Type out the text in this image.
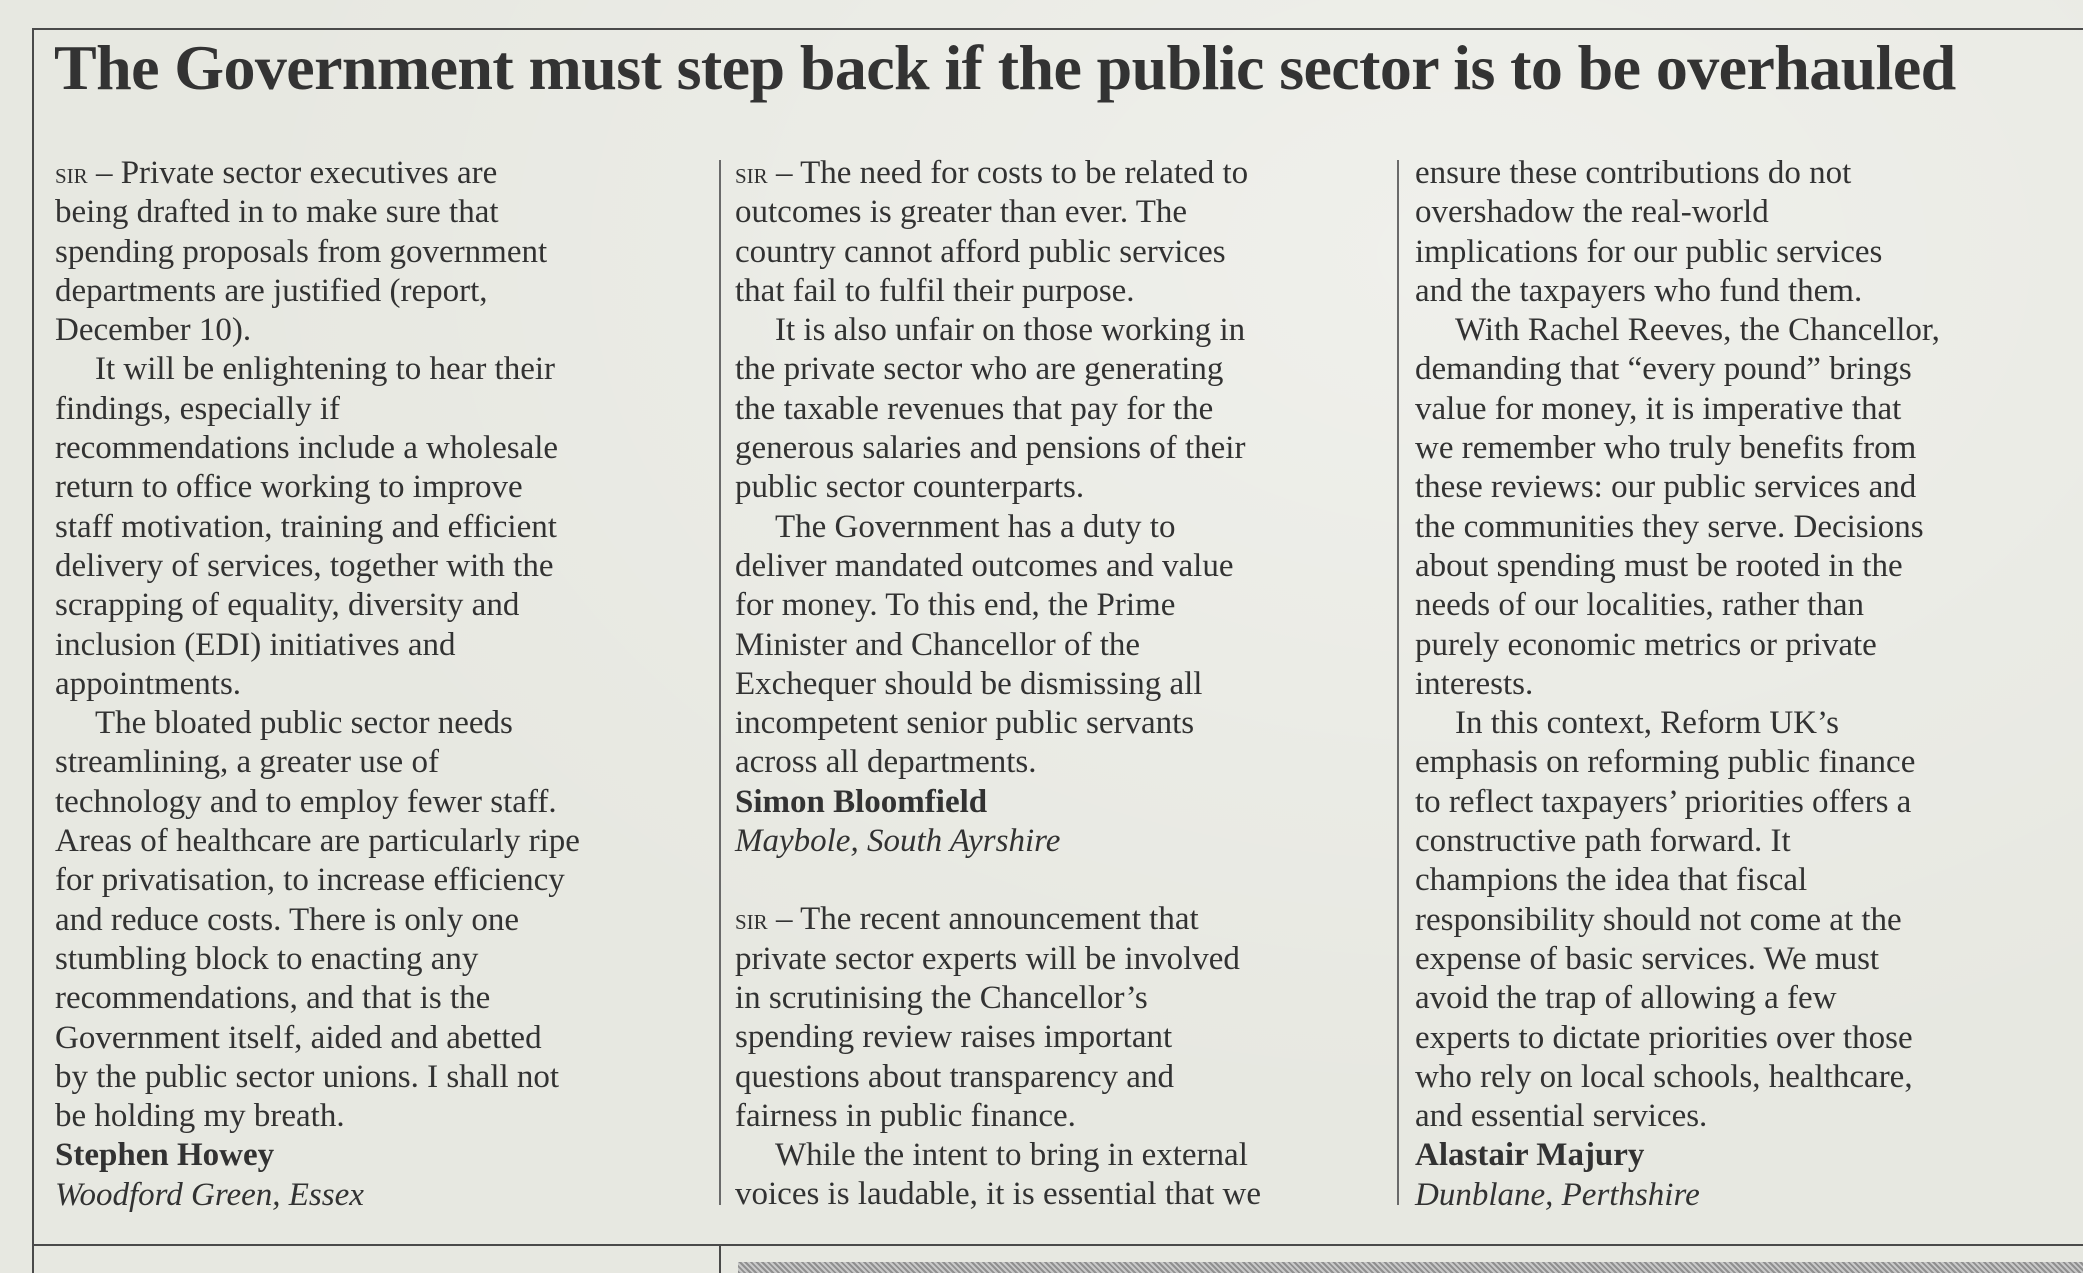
The Government must step back if the public sector is to be overhauled

sir – Private sector executives are
being drafted in to make sure that
spending proposals from government
departments are justified (report,
December 10).

It will be enlightening to hear their
findings, especially if
recommendations include a wholesale
return to office working to improve
staff motivation, training and efficient
delivery of services, together with the
scrapping of equality, diversity and
inclusion (EDI) initiatives and
appointments.

The bloated public sector needs
streamlining, a greater use of
technology and to employ fewer staff.
Areas of healthcare are particularly ripe
for privatisation, to increase efficiency
and reduce costs. There is only one
stumbling block to enacting any
recommendations, and that is the
Government itself, aided and abetted
by the public sector unions. I shall not
be holding my breath.

Stephen Howey
Woodford Green, Essex

sir – The need for costs to be related to
outcomes is greater than ever. The
country cannot afford public services
that fail to fulfil their purpose.

It is also unfair on those working in
the private sector who are generating
the taxable revenues that pay for the
generous salaries and pensions of their
public sector counterparts.

The Government has a duty to
deliver mandated outcomes and value
for money. To this end, the Prime
Minister and Chancellor of the
Exchequer should be dismissing all
incompetent senior public servants
across all departments.

Simon Bloomfield
Maybole, South Ayrshire

sir – The recent announcement that
private sector experts will be involved
in scrutinising the Chancellor’s
spending review raises important
questions about transparency and
fairness in public finance.

While the intent to bring in external
voices is laudable, it is essential that we

ensure these contributions do not
overshadow the real-world
implications for our public services
and the taxpayers who fund them.

With Rachel Reeves, the Chancellor,
demanding that “every pound” brings
value for money, it is imperative that
we remember who truly benefits from
these reviews: our public services and
the communities they serve. Decisions
about spending must be rooted in the
needs of our localities, rather than
purely economic metrics or private
interests.

In this context, Reform UK’s
emphasis on reforming public finance
to reflect taxpayers’ priorities offers a
constructive path forward. It
champions the idea that fiscal
responsibility should not come at the
expense of basic services. We must
avoid the trap of allowing a few
experts to dictate priorities over those
who rely on local schools, healthcare,
and essential services.

Alastair Majury
Dunblane, Perthshire
